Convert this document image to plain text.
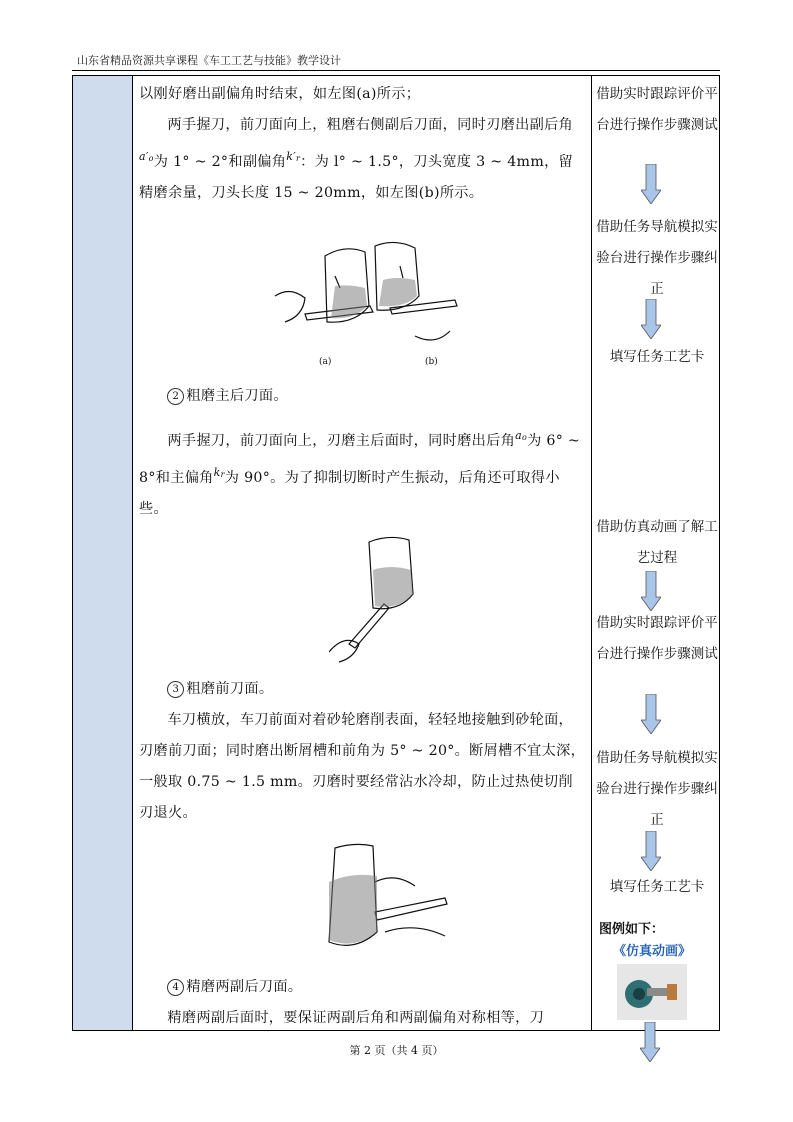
山东省精品资源共享课程《车工工艺与技能》教学设计
以刚好磨出副偏角时结束，如左图(a)所示；
两手握刀，前刀面向上，粗磨右侧副后刀面，同时刃磨出副后角$^{a'o}$为 1° ~ 2°和副偏角$^{k'r}$：为 l° ~ 1.5°，刀头宽度 3 ~ 4mm，留精磨余量，刀头长度 15 ~ 20mm，如左图(b)所示。
(a)	(b)
2 粗磨主后刀面。
两手握刀，前刀面向上，刃磨主后面时，同时磨出后角$^{ao}$为 6° ~ 8°和主偏角$^{kr}$为 90°。为了抑制切断时产生振动，后角还可取得小些。
3 粗磨前刀面。
车刀横放，车刀前面对着砂轮磨削表面，轻轻地接触到砂轮面，刃磨前刀面；同时磨出断屑槽和前角为 5° ~ 20°。断屑槽不宜太深，一般取 0.75 ~ 1.5 mm。刃磨时要经常沾水冷却，防止过热使切削刃退火。
4 精磨两副后刀面。
精磨两副后面时，要保证两副后角和两副偏角对称相等，刀
借助实时跟踪评价平台进行操作步骤测试
借助任务导航模拟实验台进行操作步骤纠正
填写任务工艺卡
借助仿真动画了解工艺过程
借助实时跟踪评价平台进行操作步骤测试
借助任务导航模拟实验台进行操作步骤纠正
填写任务工艺卡
图例如下：
《仿真动画》
第 2 页（共 4 页）
